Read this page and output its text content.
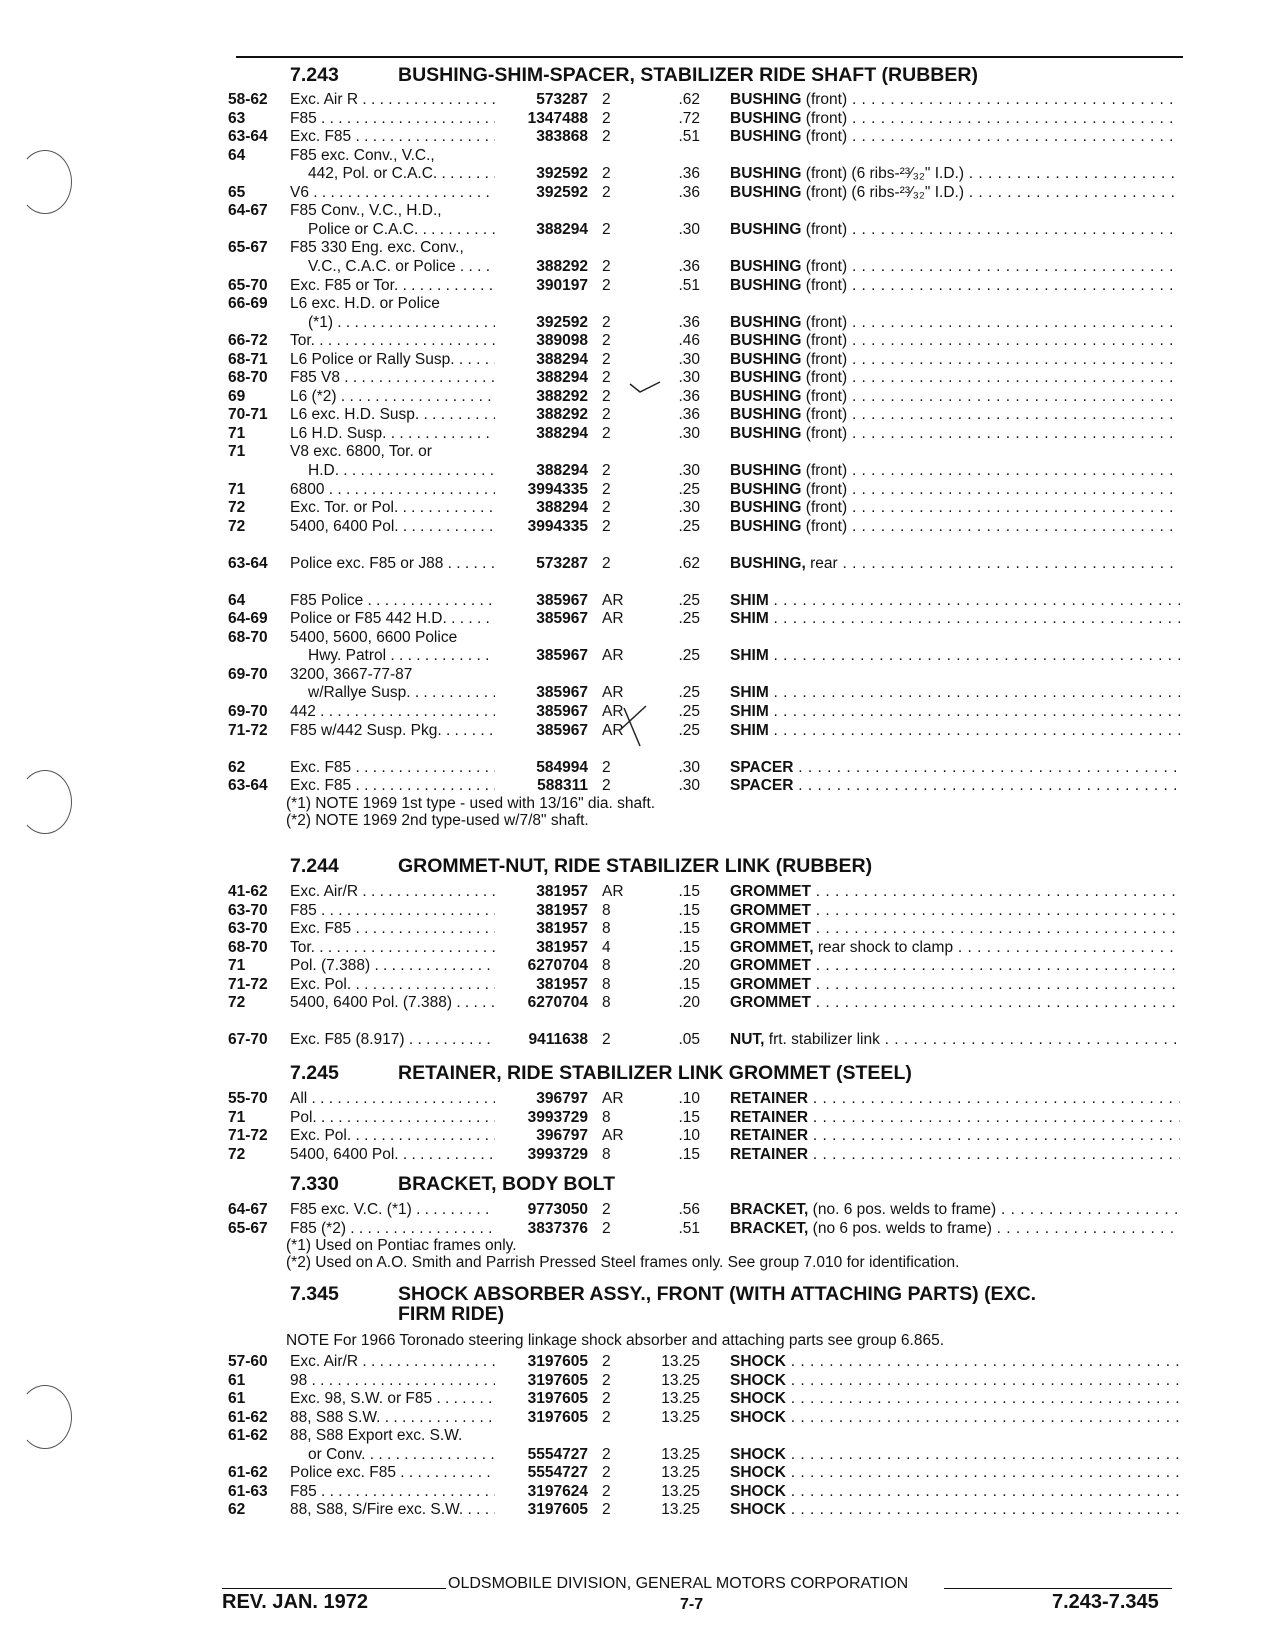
7.243	BUSHING-SHIM-SPACER, STABILIZER RIDE SHAFT (RUBBER)
58-62 Exc. Air R . . .	573287 2	.62 BUSHING (front) . . .
63	F85 . . .	1347488 2	.72 BUSHING (front) . . .
63-64 Exc. F85 . . .	383868 2	.51 BUSHING (front) . . .
64	F85 exc. Conv., V.C.,
442, Pol. or C.A.C. . . .	392592 2	.36 BUSHING (front) (6 ribs-²³⁄₃₂" I.D.) . . .
65	V6 . . .	392592 2	.36 BUSHING (front) (6 ribs-²³⁄₃₂" I.D.) . . .
64-67 F85 Conv., V.C., H.D.,
Police or C.A.C. . . .	388294 2	.30 BUSHING (front) . . .
65-67 F85 330 Eng. exc. Conv.,
V.C., C.A.C. or Police . . .	388292 2	.36 BUSHING (front) . . .
65-70 Exc. F85 or Tor. . . .	390197 2	.51 BUSHING (front) . . .
66-69 L6 exc. H.D. or Police
(*1) . . .	392592 2	.36 BUSHING (front) . . .
66-72 Tor. . . .	389098 2	.46 BUSHING (front) . . .
68-71 L6 Police or Rally Susp. . . .	388294 2	.30 BUSHING (front) . . .
68-70 F85 V8 . . .	388294 2	.30 BUSHING (front) . . .
69	L6 (*2) . . .	388292 2	.36 BUSHING (front) . . .
70-71 L6 exc. H.D. Susp. . . .	388292 2	.36 BUSHING (front) . . .
71	L6 H.D. Susp. . . .	388294 2	.30 BUSHING (front) . . .
71	V8 exc. 6800, Tor. or
H.D. . . .	388294 2	.30 BUSHING (front) . . .
71	6800 . . .	3994335 2	.25 BUSHING (front) . . .
72	Exc. Tor. or Pol. . . .	388294 2	.30 BUSHING (front) . . .
72	5400, 6400 Pol. . . .	3994335 2	.25 BUSHING (front) . . .
63-64 Police exc. F85 or J88 . . .	573287 2	.62 BUSHING, rear . . .
64	F85 Police . . .	385967 AR	.25 SHIM . . .
64-69 Police or F85 442 H.D. . . .	385967 AR	.25 SHIM . . .
68-70 5400, 5600, 6600 Police
Hwy. Patrol . . .	385967 AR	.25 SHIM . . .
69-70 3200, 3667-77-87
w/Rallye Susp. . . .	385967 AR	.25 SHIM . . .
69-70 442 . . .	385967 AR	.25 SHIM . . .
71-72 F85 w/442 Susp. Pkg. . . .	385967 AR	.25 SHIM . . .
62	Exc. F85 . . .	584994 2	.30 SPACER . . .
63-64 Exc. F85 . . .	588311 2	.30 SPACER . . .
(*1) NOTE 1969 1st type - used with 13/16" dia. shaft.
(*2) NOTE 1969 2nd type-used w/7/8" shaft.
7.244	GROMMET-NUT, RIDE STABILIZER LINK (RUBBER)
41-62 Exc. Air/R . . .	381957 AR	.15 GROMMET . . .
63-70 F85 . . .	381957 8	.15 GROMMET . . .
63-70 Exc. F85 . . .	381957 8	.15 GROMMET . . .
68-70 Tor. . . .	381957 4	.15 GROMMET, rear shock to clamp . . .
71	Pol. (7.388) . . .	6270704 8	.20 GROMMET . . .
71-72 Exc. Pol. . . .	381957 8	.15 GROMMET . . .
72	5400, 6400 Pol. (7.388) . . .	6270704 8	.20 GROMMET . . .
67-70 Exc. F85 (8.917) . . .	9411638 2	.05 NUT, frt. stabilizer link . . .
7.245	RETAINER, RIDE STABILIZER LINK GROMMET (STEEL)
55-70 All . . .	396797 AR	.10 RETAINER . . .
71	Pol. . . .	3993729 8	.15 RETAINER . . .
71-72 Exc. Pol. . . .	396797 AR	.10 RETAINER . . .
72	5400, 6400 Pol. . . .	3993729 8	.15 RETAINER . . .
7.330	BRACKET, BODY BOLT
64-67 F85 exc. V.C. (*1) . . .	9773050 2	.56 BRACKET, (no. 6 pos. welds to frame) . . .
65-67 F85 (*2) . . .	3837376 2	.51 BRACKET, (no 6 pos. welds to frame) . . .
(*1) Used on Pontiac frames only.
(*2) Used on A.O. Smith and Parrish Pressed Steel frames only. See group 7.010 for identification.
7.345	SHOCK ABSORBER ASSY., FRONT (WITH ATTACHING PARTS) (EXC.
FIRM RIDE)
NOTE For 1966 Toronado steering linkage shock absorber and attaching parts see group 6.865.
57-60 Exc. Air/R . . .	3197605 2	13.25 SHOCK . . .
61	98 . . .	3197605 2	13.25 SHOCK . . .
61	Exc. 98, S.W. or F85 . . .	3197605 2	13.25 SHOCK . . .
61-62 88, S88 S.W. . . .	3197605 2	13.25 SHOCK . . .
61-62 88, S88 Export exc. S.W.
or Conv. . . .	5554727 2	13.25 SHOCK . . .
61-62 Police exc. F85 . . .	5554727 2	13.25 SHOCK . . .
61-63 F85 . . .	3197624 2	13.25 SHOCK . . .
62	88, S88, S/Fire exc. S.W. . . .	3197605 2	13.25 SHOCK . . .
OLDSMOBILE DIVISION, GENERAL MOTORS CORPORATION
REV. JAN. 1972	7-7	7.243-7.345
